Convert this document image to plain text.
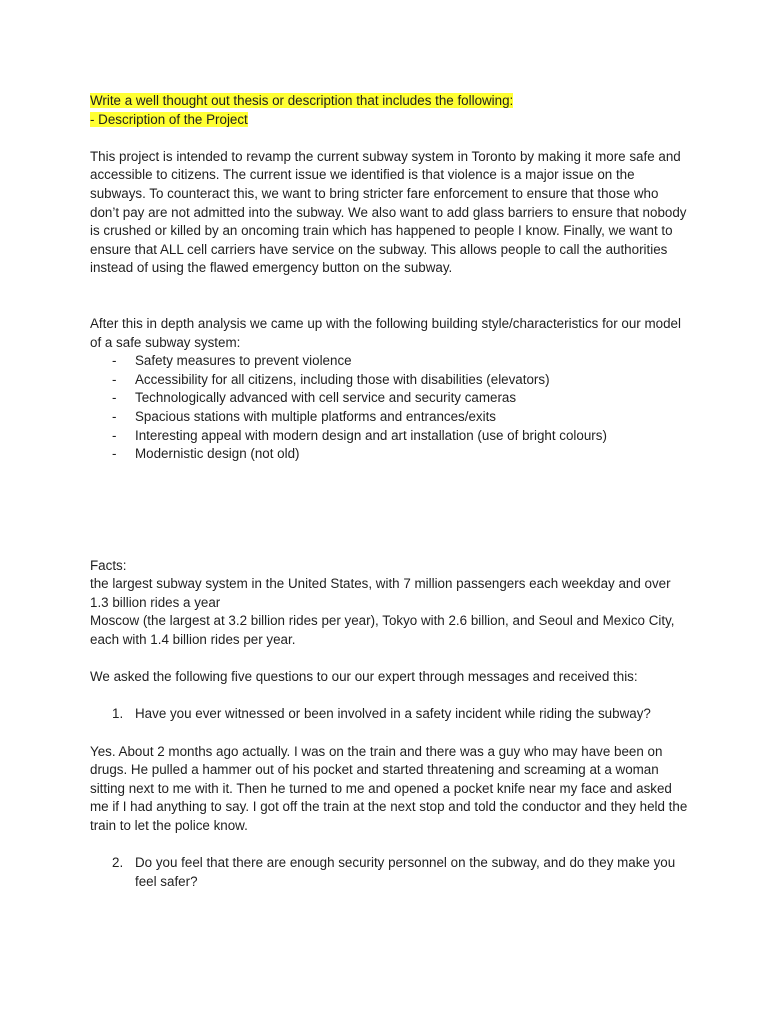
Write a well thought out thesis or description that includes the following:
- Description of the Project

This project is intended to revamp the current subway system in Toronto by making it more safe and accessible to citizens. The current issue we identified is that violence is a major issue on the subways. To counteract this, we want to bring stricter fare enforcement to ensure that those who don’t pay are not admitted into the subway. We also want to add glass barriers to ensure that nobody is crushed or killed by an oncoming train which has happened to people I know. Finally, we want to ensure that ALL cell carriers have service on the subway. This allows people to call the authorities instead of using the flawed emergency button on the subway.

After this in depth analysis we came up with the following building style/characteristics for our model of a safe subway system:

- Safety measures to prevent violence
- Accessibility for all citizens, including those with disabilities (elevators)
- Technologically advanced with cell service and security cameras
- Spacious stations with multiple platforms and entrances/exits
- Interesting appeal with modern design and art installation (use of bright colours)
- Modernistic design (not old)
Facts:
the largest subway system in the United States, with 7 million passengers each weekday and over 1.3 billion rides a year
Moscow (the largest at 3.2 billion rides per year), Tokyo with 2.6 billion, and Seoul and Mexico City, each with 1.4 billion rides per year.

We asked the following five questions to our our expert through messages and received this:

1. Have you ever witnessed or been involved in a safety incident while riding the subway?

Yes. About 2 months ago actually. I was on the train and there was a guy who may have been on drugs. He pulled a hammer out of his pocket and started threatening and screaming at a woman sitting next to me with it. Then he turned to me and opened a pocket knife near my face and asked me if I had anything to say. I got off the train at the next stop and told the conductor and they held the train to let the police know.

2. Do you feel that there are enough security personnel on the subway, and do they make you feel safer?
